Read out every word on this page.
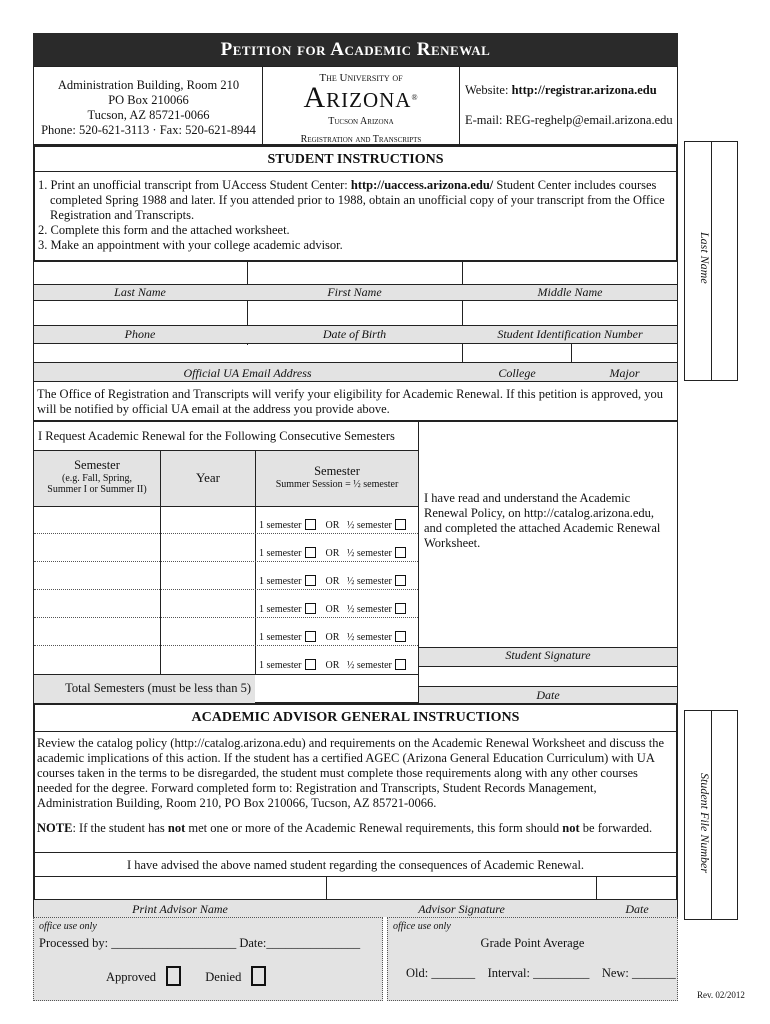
Petition for Academic Renewal
Administration Building, Room 210
PO Box 210066
Tucson, AZ 85721-0066
Phone: 520-621-3113 · Fax: 520-621-8944
The University of
Arizona®
Tucson Arizona
Registration and Transcripts
Website: http://registrar.arizona.edu
E-mail: REG-reghelp@email.arizona.edu
STUDENT INSTRUCTIONS
1. Print an unofficial transcript from UAccess Student Center: http://uaccess.arizona.edu/ Student Center includes courses
completed Spring 1988 and later. If you attended prior to 1988, obtain an unofficial copy of your transcript from the Office
Registration and Transcripts.
2. Complete this form and the attached worksheet.
3. Make an appointment with your college academic advisor.
Last Name	First Name	Middle Name
Phone	Date of Birth	Student Identification Number
Official UA Email Address	College	Major
Last Name
The Office of Registration and Transcripts will verify your eligibility for Academic Renewal. If this petition is approved, you
will be notified by official UA email at the address you provide above.
I Request Academic Renewal for the Following Consecutive Semesters
Semester
(e.g. Fall, Spring,
Summer I or Summer II)
Year	Semester
Summer Session = ½ semester
1 semester OR ½ semester
1 semester OR ½ semester
1 semester OR ½ semester
1 semester OR ½ semester
1 semester OR ½ semester
1 semester OR ½ semester
Total Semesters (must be less than 5)
I have read and understand the Academic
Renewal Policy, on http://catalog.arizona.edu,
and completed the attached Academic Renewal
Worksheet.
Student Signature
Date
ACADEMIC ADVISOR GENERAL INSTRUCTIONS
Review the catalog policy (http://catalog.arizona.edu) and requirements on the Academic Renewal Worksheet and discuss the
academic implications of this action. If the student has a certified AGEC (Arizona General Education Curriculum) with UA
courses taken in the terms to be disregarded, the student must complete those requirements along with any other courses
needed for the degree. Forward completed form to: Registration and Transcripts, Student Records Management,
Administration Building, Room 210, PO Box 210066, Tucson, AZ 85721-0066.
NOTE: If the student has not met one or more of the Academic Renewal requirements, this form should not be forwarded.
I have advised the above named student regarding the consequences of Academic Renewal.
Print Advisor Name	Advisor Signature	Date
Student File Number
office use only	office use only
Processed by: ____________________ Date:_______________
Approved	Denied
Grade Point Average
Old: _______ Interval: _________ New: _______
Rev. 02/2012
